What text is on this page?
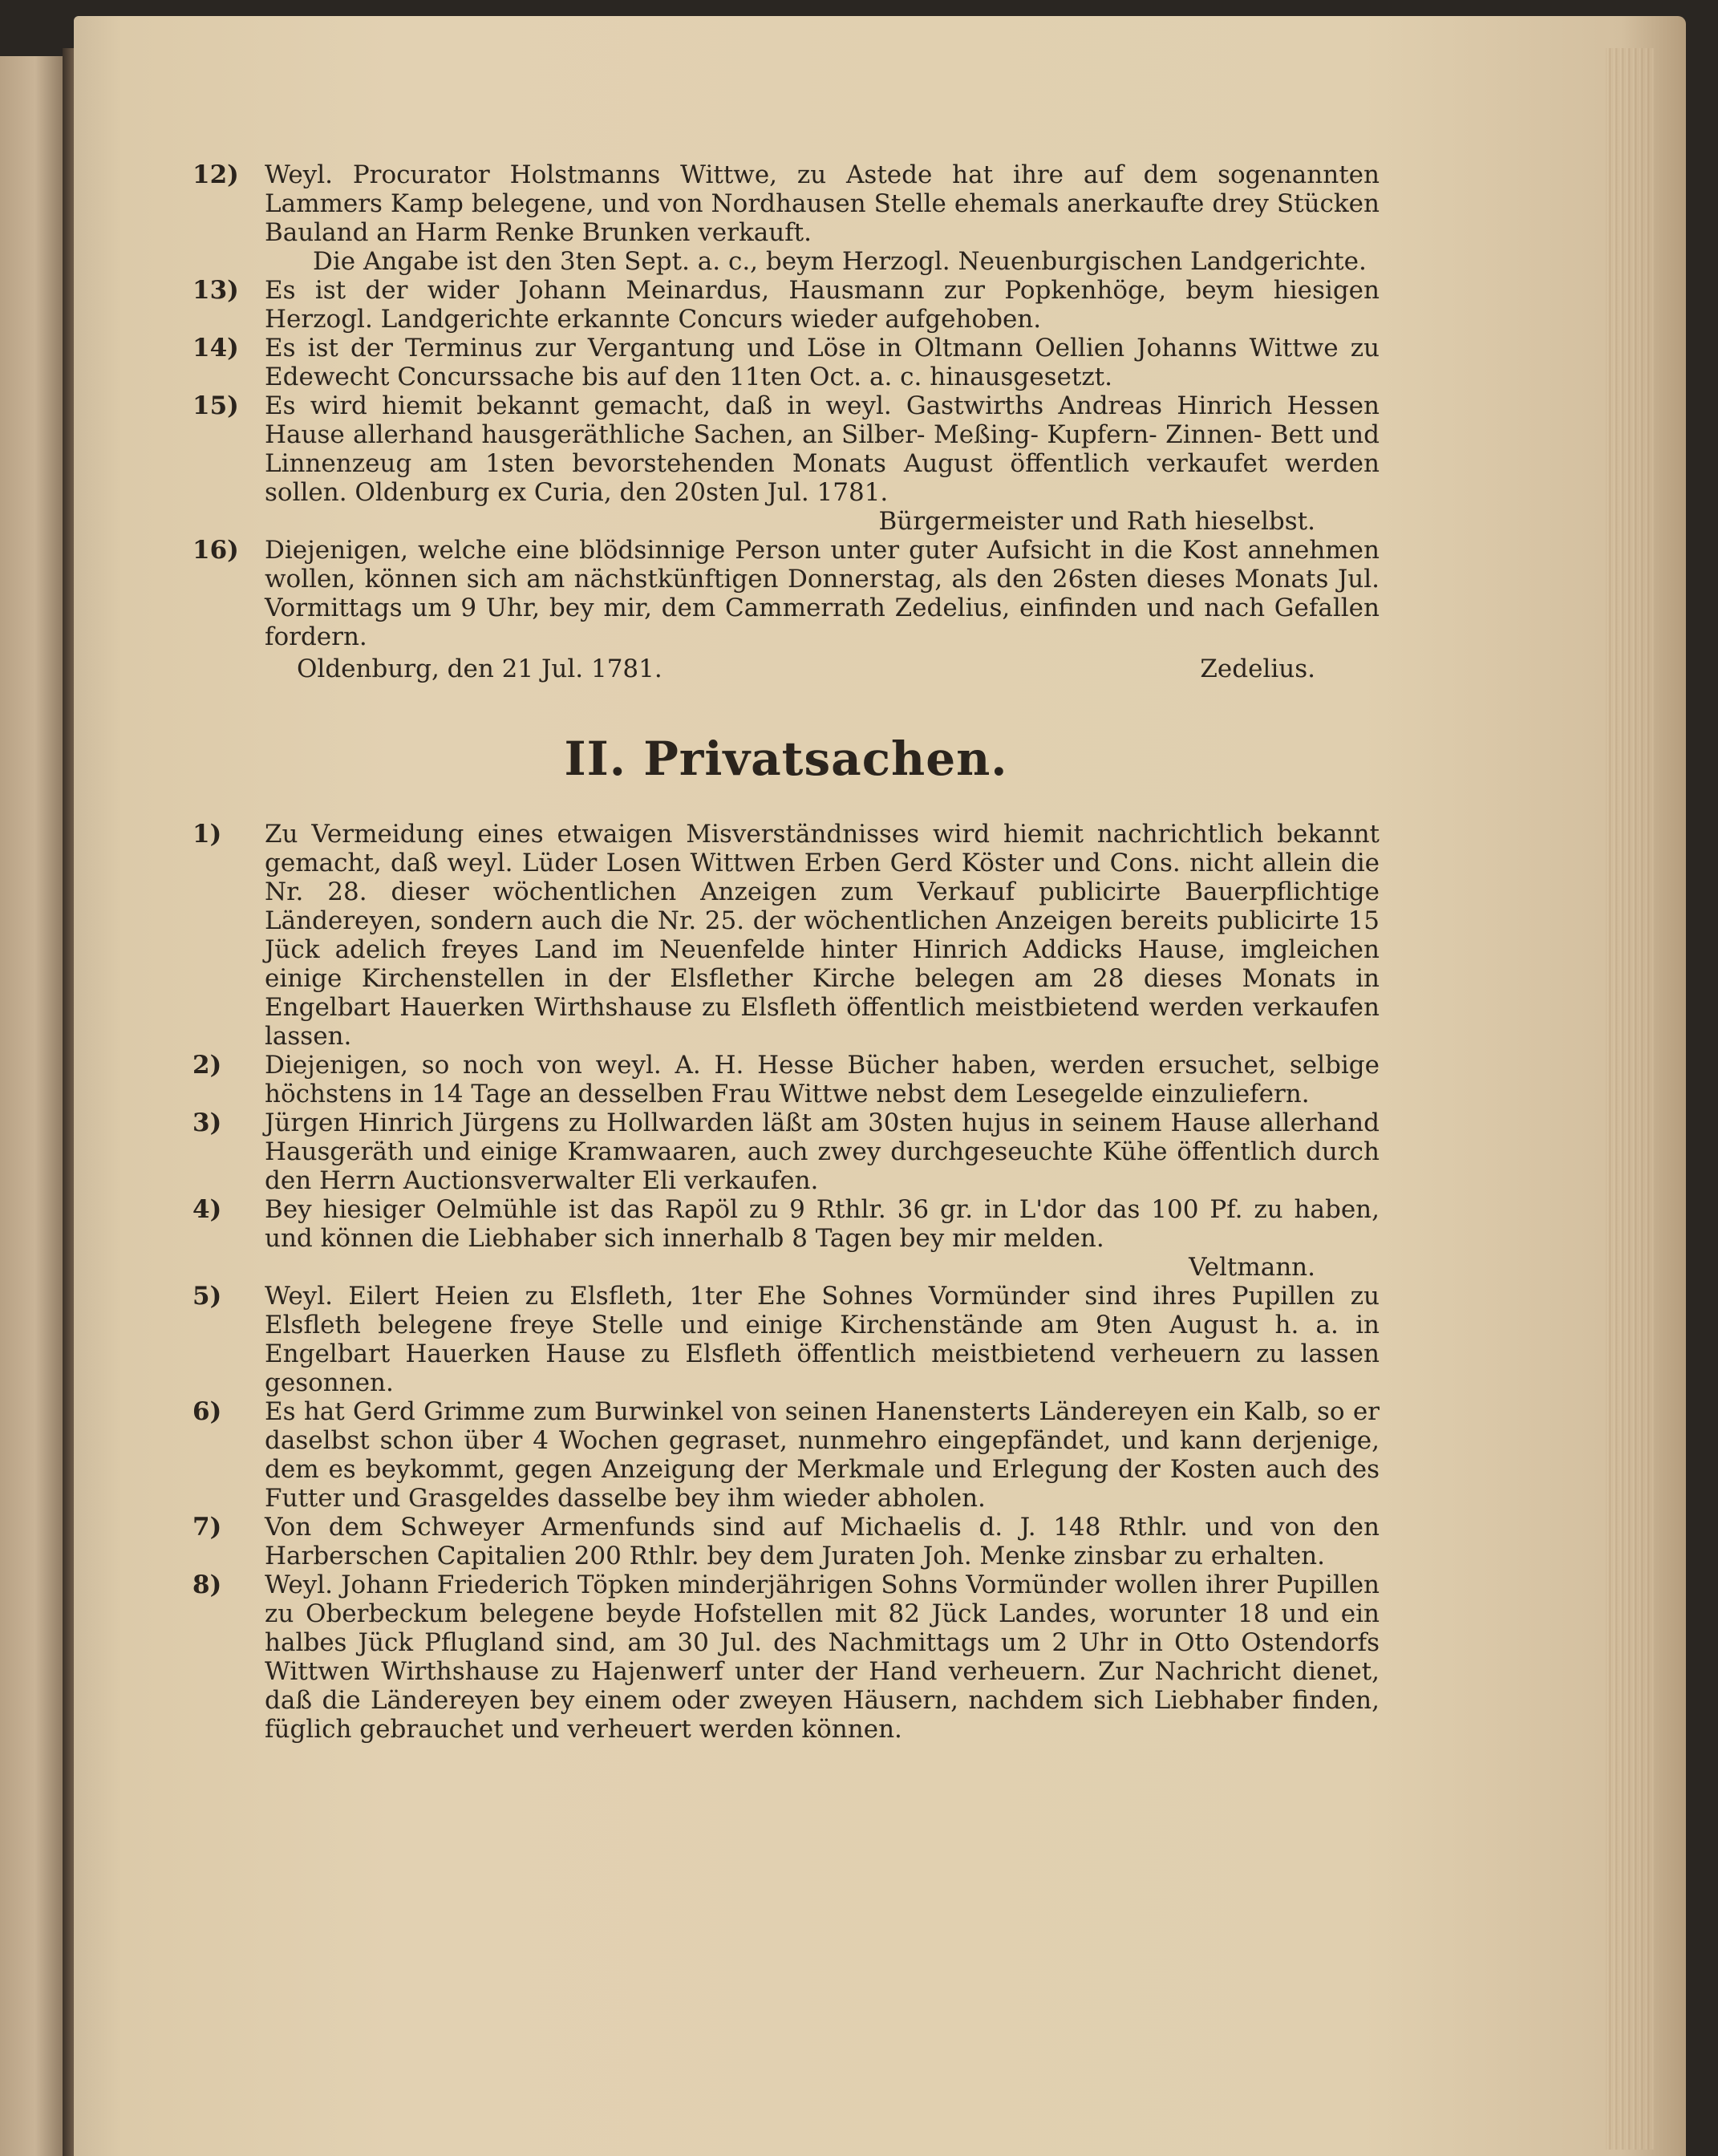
12)	Weyl. Procurator Holstmanns Wittwe, zu Astede hat ihre auf dem sogenannten Lammers Kamp belegene, und von Nordhausen Stelle ehemals anerkaufte drey Stücken Bauland an Harm Renke Brunken verkauft.
Die Angabe ist den 3ten Sept. a. c., beym Herzogl. Neuenburgischen Landgerichte.
13)	Es ist der wider Johann Meinardus, Hausmann zur Popkenhöge, beym hiesigen Herzogl. Landgerichte erkannte Concurs wieder aufgehoben.
14)	Es ist der Terminus zur Vergantung und Löse in Oltmann Oellien Johanns Wittwe zu Edewecht Concurssache bis auf den 11ten Oct. a. c. hinausgesetzt.
15)	Es wird hiemit bekannt gemacht, daß in weyl. Gastwirths Andreas Hinrich Hessen Hause allerhand hausgeräthliche Sachen, an Silber- Meßing- Kupfern- Zinnen- Bett und Linnenzeug am 1sten bevorstehenden Monats August öffentlich verkaufet werden sollen. Oldenburg ex Curia, den 20sten Jul. 1781.
Bürgermeister und Rath hieselbst.
16)	Diejenigen, welche eine blödsinnige Person unter guter Aufsicht in die Kost annehmen wollen, können sich am nächstkünftigen Donnerstag, als den 26sten dieses Monats Jul. Vormittags um 9 Uhr, bey mir, dem Cammerrath Zedelius, einfinden und nach Gefallen fordern.
Oldenburg, den 21 Jul. 1781.	Zedelius.
II. Privatsachen.
1)	Zu Vermeidung eines etwaigen Misverständnisses wird hiemit nachrichtlich bekannt gemacht, daß weyl. Lüder Losen Wittwen Erben Gerd Köster und Cons. nicht allein die Nr. 28. dieser wöchentlichen Anzeigen zum Verkauf publicirte Bauerpflichtige Ländereyen, sondern auch die Nr. 25. der wöchentlichen Anzeigen bereits publicirte 15 Jück adelich freyes Land im Neuenfelde hinter Hinrich Addicks Hause, imgleichen einige Kirchenstellen in der Elsflether Kirche belegen am 28 dieses Monats in Engelbart Hauerken Wirthshause zu Elsfleth öffentlich meistbietend werden verkaufen lassen.
2)	Diejenigen, so noch von weyl. A. H. Hesse Bücher haben, werden ersuchet, selbige höchstens in 14 Tage an desselben Frau Wittwe nebst dem Lesegelde einzuliefern.
3)	Jürgen Hinrich Jürgens zu Hollwarden läßt am 30sten hujus in seinem Hause allerhand Hausgeräth und einige Kramwaaren, auch zwey durchgeseuchte Kühe öffentlich durch den Herrn Auctionsverwalter Eli verkaufen.
4)	Bey hiesiger Oelmühle ist das Rapöl zu 9 Rthlr. 36 gr. in L'dor das 100 Pf. zu haben, und können die Liebhaber sich innerhalb 8 Tagen bey mir melden.
Veltmann.
5)	Weyl. Eilert Heien zu Elsfleth, 1ter Ehe Sohnes Vormünder sind ihres Pupillen zu Elsfleth belegene freye Stelle und einige Kirchenstände am 9ten August h. a. in Engelbart Hauerken Hause zu Elsfleth öffentlich meistbietend verheuern zu lassen gesonnen.
6)	Es hat Gerd Grimme zum Burwinkel von seinen Hanensterts Ländereyen ein Kalb, so er daselbst schon über 4 Wochen gegraset, nunmehro eingepfändet, und kann derjenige, dem es beykommt, gegen Anzeigung der Merkmale und Erlegung der Kosten auch des Futter und Grasgeldes dasselbe bey ihm wieder abholen.
7)	Von dem Schweyer Armenfunds sind auf Michaelis d. J. 148 Rthlr. und von den Harberschen Capitalien 200 Rthlr. bey dem Juraten Joh. Menke zinsbar zu erhalten.
8)	Weyl. Johann Friederich Töpken minderjährigen Sohns Vormünder wollen ihrer Pupillen zu Oberbeckum belegene beyde Hofstellen mit 82 Jück Landes, worunter 18 und ein halbes Jück Pflugland sind, am 30 Jul. des Nachmittags um 2 Uhr in Otto Ostendorfs Wittwen Wirthshause zu Hajenwerf unter der Hand verheuern. Zur Nachricht dienet, daß die Ländereyen bey einem oder zweyen Häusern, nachdem sich Liebhaber finden, füglich gebrauchet und verheuert werden können.
